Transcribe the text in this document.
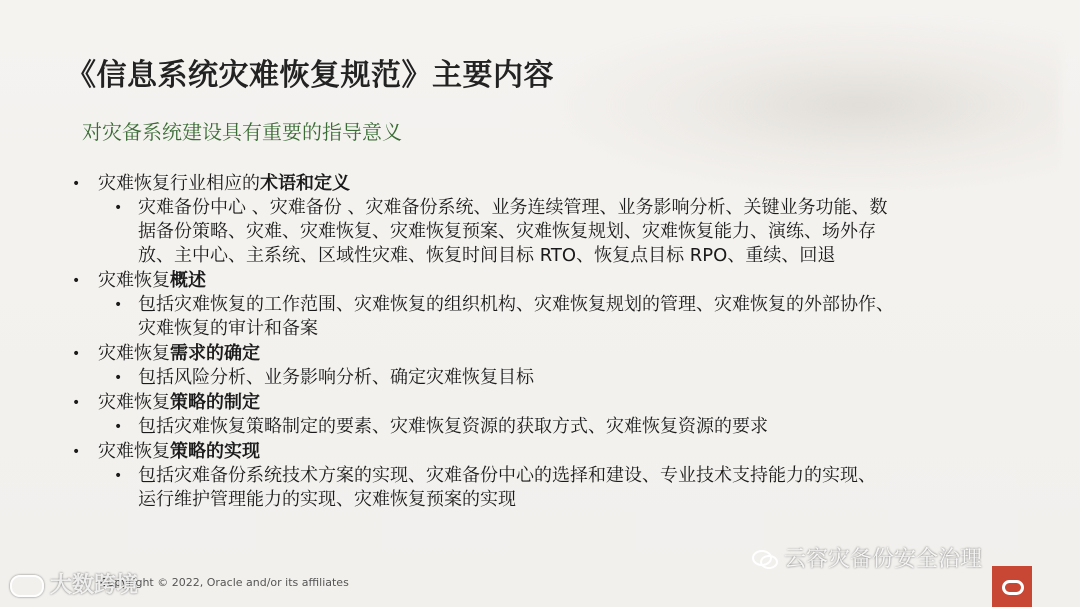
《信息系统灾难恢复规范》主要内容
对灾备系统建设具有重要的指导意义
• 灾难恢复行业相应的术语和定义
• 灾难备份中心 、灾难备份 、灾难备份系统、业务连续管理、业务影响分析、关键业务功能、数
据备份策略、灾难、灾难恢复、灾难恢复预案、灾难恢复规划、灾难恢复能力、演练、场外存
放、主中心、主系统、区域性灾难、恢复时间目标 RTO、恢复点目标 RPO、重续、回退
• 灾难恢复概述
• 包括灾难恢复的工作范围、灾难恢复的组织机构、灾难恢复规划的管理、灾难恢复的外部协作、
灾难恢复的审计和备案
• 灾难恢复需求的确定
• 包括风险分析、业务影响分析、确定灾难恢复目标
• 灾难恢复策略的制定
• 包括灾难恢复策略制定的要素、灾难恢复资源的获取方式、灾难恢复资源的要求
• 灾难恢复策略的实现
• 包括灾难备份系统技术方案的实现、灾难备份中心的选择和建设、专业技术支持能力的实现、
运行维护管理能力的实现、灾难恢复预案的实现
Copyright © 2022, Oracle and/or its affiliates
大数跨境
云容灾备份安全治理
